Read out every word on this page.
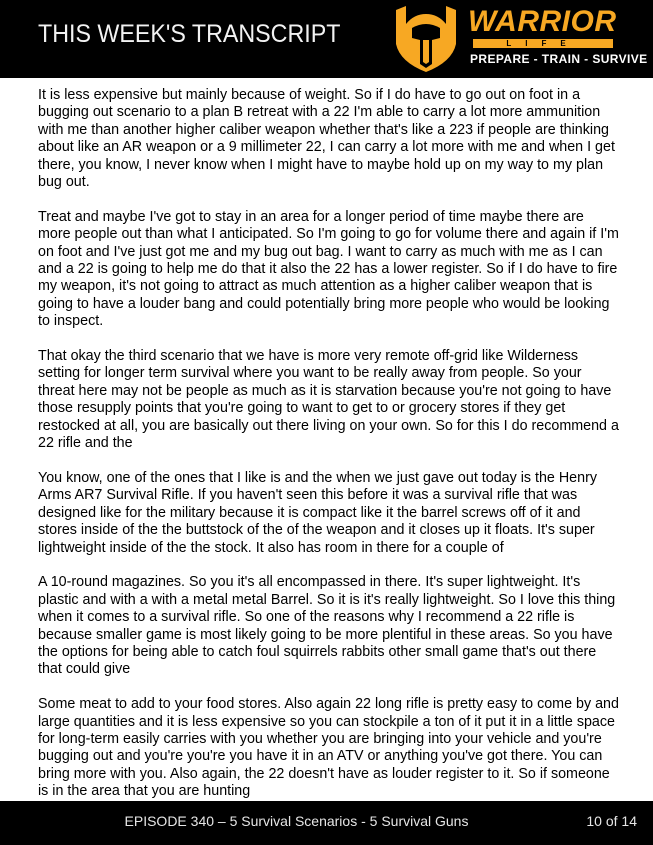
THIS WEEK'S TRANSCRIPT	WARRIOR
LIFE
PREPARE - TRAIN - SURVIVE

It is less expensive but mainly because of weight. So if I do have to go out on foot in a bugging out scenario to a plan B retreat with a 22 I'm able to carry a lot more ammunition with me than another higher caliber weapon whether that's like a 223 if people are thinking about like an AR weapon or a 9 millimeter 22, I can carry a lot more with me and when I get there, you know, I never know when I might have to maybe hold up on my way to my plan bug out.

Treat and maybe I've got to stay in an area for a longer period of time maybe there are more people out than what I anticipated. So I'm going to go for volume there and again if I'm on foot and I've just got me and my bug out bag. I want to carry as much with me as I can and a 22 is going to help me do that it also the 22 has a lower register. So if I do have to fire my weapon, it's not going to attract as much attention as a higher caliber weapon that is going to have a louder bang and could potentially bring more people who would be looking to inspect.

That okay the third scenario that we have is more very remote off-grid like Wilderness setting for longer term survival where you want to be really away from people. So your threat here may not be people as much as it is starvation because you're not going to have those resupply points that you're going to want to get to or grocery stores if they get restocked at all, you are basically out there living on your own. So for this I do recommend a 22 rifle and the

You know, one of the ones that I like is and the when we just gave out today is the Henry Arms AR7 Survival Rifle. If you haven't seen this before it was a survival rifle that was designed like for the military because it is compact like it the barrel screws off of it and stores inside of the the buttstock of the of the weapon and it closes up it floats. It's super lightweight inside of the the stock. It also has room in there for a couple of

A 10-round magazines. So you it's all encompassed in there. It's super lightweight. It's plastic and with a with a metal metal Barrel. So it is it's really lightweight. So I love this thing when it comes to a survival rifle. So one of the reasons why I recommend a 22 rifle is because smaller game is most likely going to be more plentiful in these areas. So you have the options for being able to catch foul squirrels rabbits other small game that's out there that could give

Some meat to add to your food stores. Also again 22 long rifle is pretty easy to come by and large quantities and it is less expensive so you can stockpile a ton of it put it in a little space for long-term easily carries with you whether you are bringing into your vehicle and you're bugging out and you're you're you have it in an ATV or anything you've got there. You can bring more with you. Also again, the 22 doesn't have as louder register to it. So if someone is in the area that you are hunting

EPISODE 340 – 5 Survival Scenarios - 5 Survival Guns	10 of 14
